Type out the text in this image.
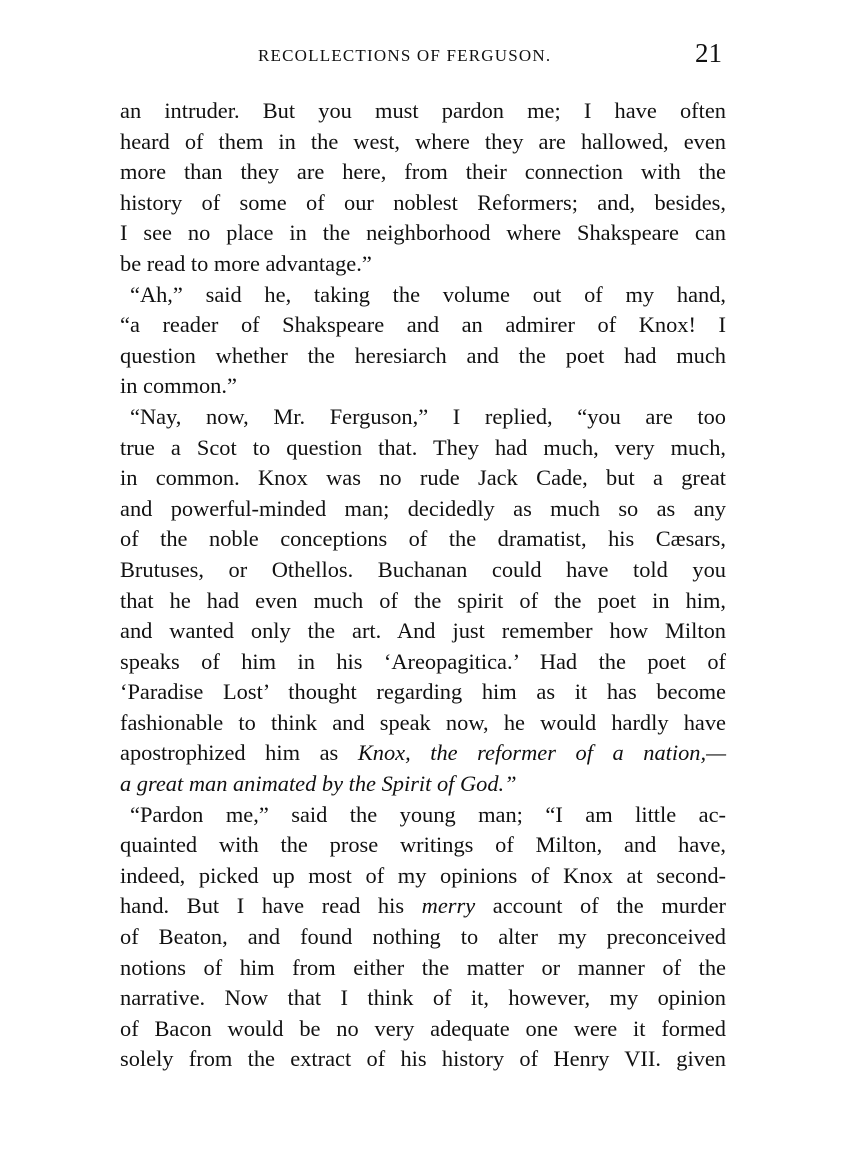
RECOLLECTIONS OF FERGUSON.	21
an intruder. But you must pardon me; I have often
heard of them in the west, where they are hallowed, even
more than they are here, from their connection with the
history of some of our noblest Reformers; and, besides,
I see no place in the neighborhood where Shakspeare can
be read to more advantage.”
“Ah,” said he, taking the volume out of my hand,
“a reader of Shakspeare and an admirer of Knox! I
question whether the heresiarch and the poet had much
in common.”
“Nay, now, Mr. Ferguson,” I replied, “you are too
true a Scot to question that. They had much, very much,
in common. Knox was no rude Jack Cade, but a great
and powerful-minded man; decidedly as much so as any
of the noble conceptions of the dramatist, his Cæsars,
Brutuses, or Othellos. Buchanan could have told you
that he had even much of the spirit of the poet in him,
and wanted only the art. And just remember how Milton
speaks of him in his ‘Areopagitica.’ Had the poet of
‘Paradise Lost’ thought regarding him as it has become
fashionable to think and speak now, he would hardly have
apostrophized him as Knox, the reformer of a nation,—
a great man animated by the Spirit of God.”
“Pardon me,” said the young man; “I am little ac-
quainted with the prose writings of Milton, and have,
indeed, picked up most of my opinions of Knox at second-
hand. But I have read his merry account of the murder
of Beaton, and found nothing to alter my preconceived
notions of him from either the matter or manner of the
narrative. Now that I think of it, however, my opinion
of Bacon would be no very adequate one were it formed
solely from the extract of his history of Henry VII. given
